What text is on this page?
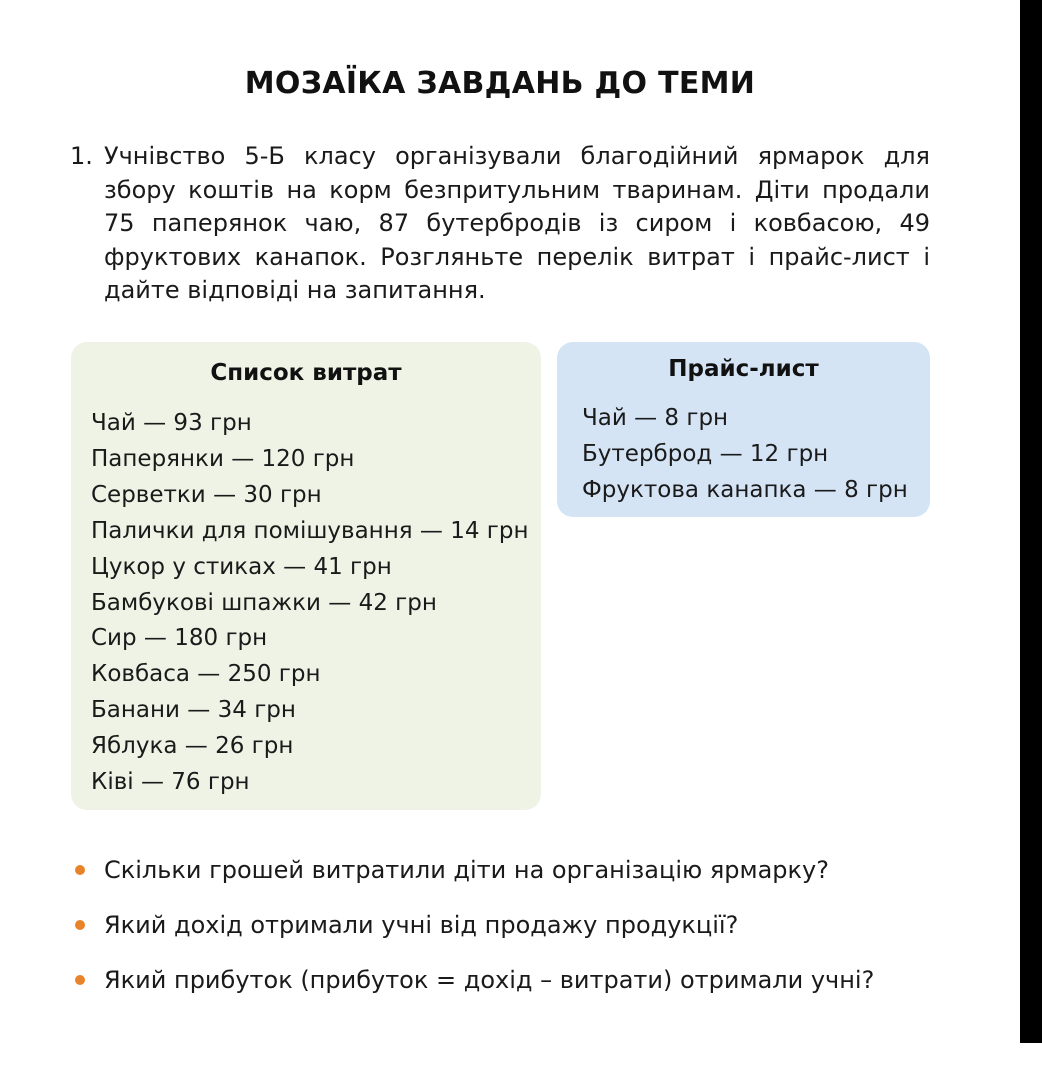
МОЗАЇКА ЗАВДАНЬ ДО ТЕМИ
1. Учнівство 5-Б класу організували благодійний ярмарок для збору коштів на корм безпритульним тваринам. Діти продали 75 паперянок чаю, 87 бутербродів із сиром і ковбасою, 49 фруктових канапок. Розгляньте перелік витрат і прайс-лист і дайте відповіді на запитання.
Список витрат
Чай — 93 грн
Паперянки — 120 грн
Серветки — 30 грн
Палички для помішування — 14 грн
Цукор у стиках — 41 грн
Бамбукові шпажки — 42 грн
Сир — 180 грн
Ковбаса — 250 грн
Банани — 34 грн
Яблука — 26 грн
Ківі — 76 грн
Прайс-лист
Чай — 8 грн
Бутерброд — 12 грн
Фруктова канапка — 8 грн
Скільки грошей витратили діти на організацію ярмарку?
Який дохід отримали учні від продажу продукції?
Який прибуток (прибуток = дохід – витрати) отримали учні?
